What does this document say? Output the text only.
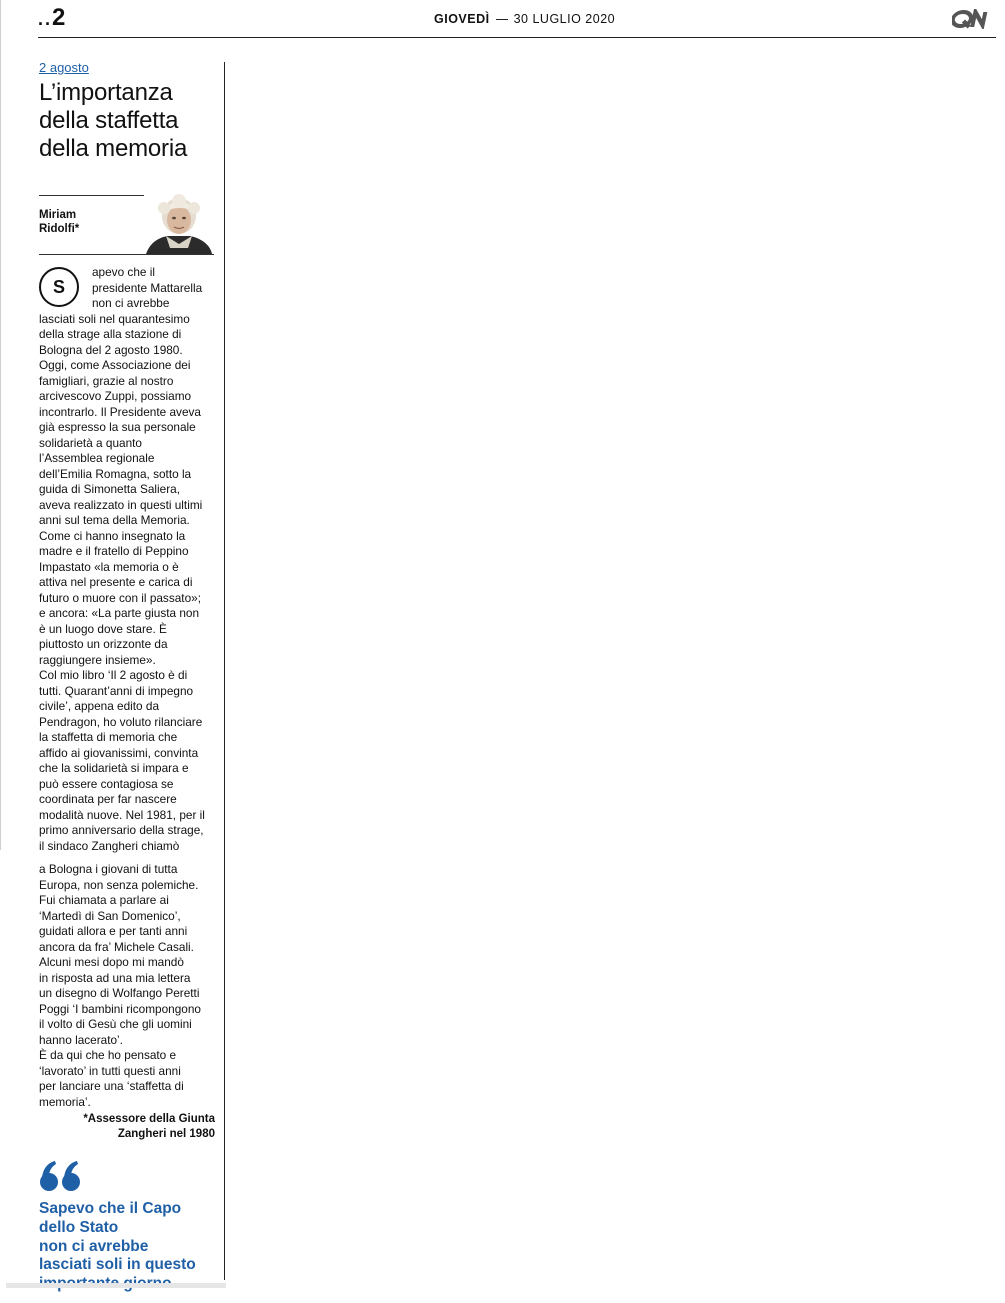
..2	GIOVEDÌ 30 LUGLIO 2020
2 agosto
L’importanza
della staffetta
della memoria
Miriam
Ridolfi*
S
apevo che il
presidente Mattarella
non ci avrebbe
lasciati soli nel quarantesimo
della strage alla stazione di
Bologna del 2 agosto 1980.
Oggi, come Associazione dei
famigliari, grazie al nostro
arcivescovo Zuppi, possiamo
incontrarlo. Il Presidente aveva
già espresso la sua personale
solidarietà a quanto
l’Assemblea regionale
dell’Emilia Romagna, sotto la
guida di Simonetta Saliera,
aveva realizzato in questi ultimi
anni sul tema della Memoria.
Come ci hanno insegnato la
madre e il fratello di Peppino
Impastato «la memoria o è
attiva nel presente e carica di
futuro o muore con il passato»;
e ancora: «La parte giusta non
è un luogo dove stare. È
piuttosto un orizzonte da
raggiungere insieme».
Col mio libro ‘Il 2 agosto è di
tutti. Quarant’anni di impegno
civile’, appena edito da
Pendragon, ho voluto rilanciare
la staffetta di memoria che
affido ai giovanissimi, convinta
che la solidarietà si impara e
può essere contagiosa se
coordinata per far nascere
modalità nuove. Nel 1981, per il
primo anniversario della strage,
il sindaco Zangheri chiamò
a Bologna i giovani di tutta
Europa, non senza polemiche.
Fui chiamata a parlare ai
‘Martedì di San Domenico’,
guidati allora e per tanti anni
ancora da fra’ Michele Casali.
Alcuni mesi dopo mi mandò
in risposta ad una mia lettera
un disegno di Wolfango Peretti
Poggi ‘I bambini ricompongono
il volto di Gesù che gli uomini
hanno lacerato’.
È da qui che ho pensato e
‘lavorato’ in tutti questi anni
per lanciare una ‘staffetta di
memoria’.
*Assessore della Giunta
Zangheri nel 1980
Sapevo che il Capo
dello Stato
non ci avrebbe
lasciati soli in questo
